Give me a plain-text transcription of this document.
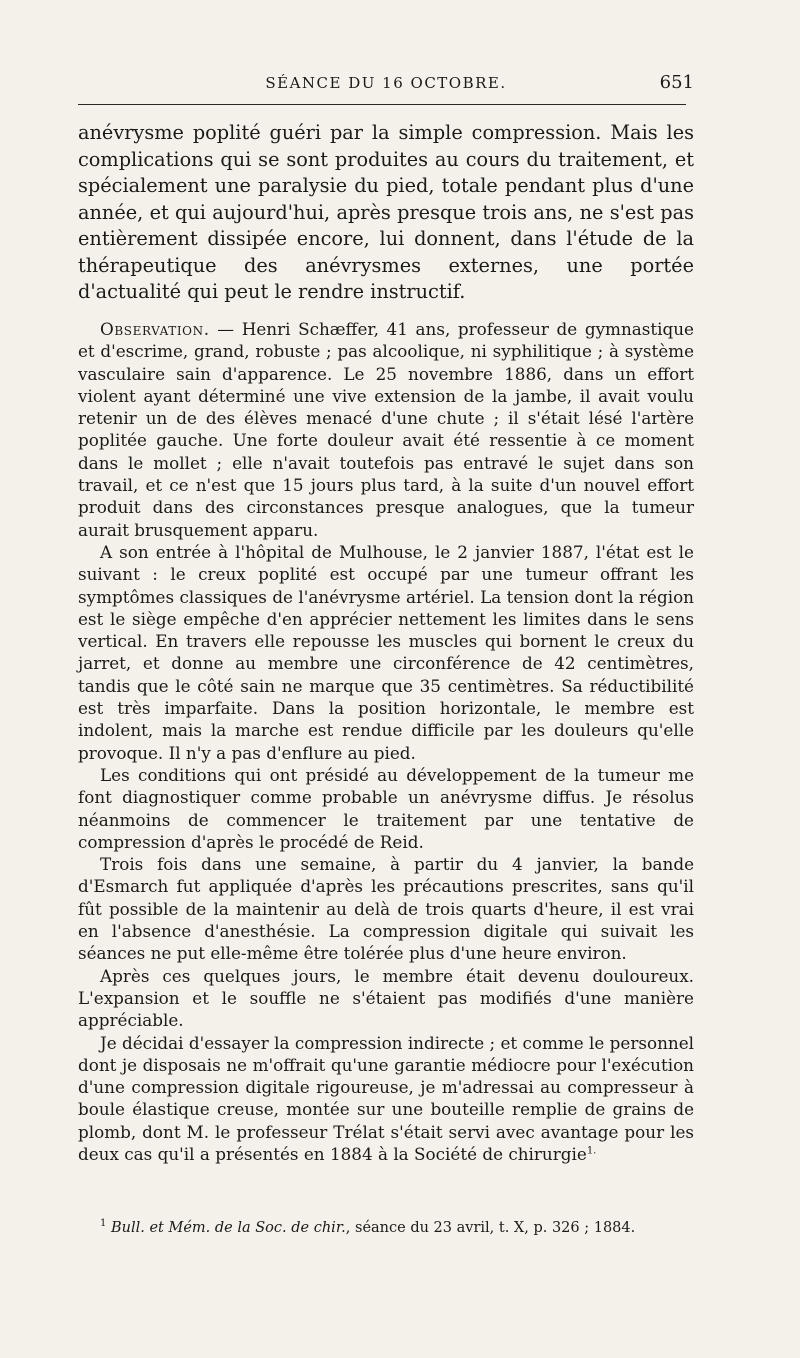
SÉANCE DU 16 OCTOBRE.	651

anévrysme poplité guéri par la simple compression. Mais les complications qui se sont produites au cours du traitement, et spécialement une paralysie du pied, totale pendant plus d'une année, et qui aujourd'hui, après presque trois ans, ne s'est pas entièrement dissipée encore, lui donnent, dans l'étude de la thérapeutique des anévrysmes externes, une portée d'actualité qui peut le rendre instructif.

Observation. — Henri Schæffer, 41 ans, professeur de gymnastique et d'escrime, grand, robuste ; pas alcoolique, ni syphilitique ; à système vasculaire sain d'apparence. Le 25 novembre 1886, dans un effort violent ayant déterminé une vive extension de la jambe, il avait voulu retenir un de des élèves menacé d'une chute ; il s'était lésé l'artère poplitée gauche. Une forte douleur avait été ressentie à ce moment dans le mollet ; elle n'avait toutefois pas entravé le sujet dans son travail, et ce n'est que 15 jours plus tard, à la suite d'un nouvel effort produit dans des circonstances presque analogues, que la tumeur aurait brusquement apparu.

A son entrée à l'hôpital de Mulhouse, le 2 janvier 1887, l'état est le suivant : le creux poplité est occupé par une tumeur offrant les symptômes classiques de l'anévrysme artériel. La tension dont la région est le siège empêche d'en apprécier nettement les limites dans le sens vertical. En travers elle repousse les muscles qui bornent le creux du jarret, et donne au membre une circonférence de 42 centimètres, tandis que le côté sain ne marque que 35 centimètres. Sa réductibilité est très imparfaite. Dans la position horizontale, le membre est indolent, mais la marche est rendue difficile par les douleurs qu'elle provoque. Il n'y a pas d'enflure au pied.

Les conditions qui ont présidé au développement de la tumeur me font diagnostiquer comme probable un anévrysme diffus. Je résolus néanmoins de commencer le traitement par une tentative de compression d'après le procédé de Reid.

Trois fois dans une semaine, à partir du 4 janvier, la bande d'Esmarch fut appliquée d'après les précautions prescrites, sans qu'il fût possible de la maintenir au delà de trois quarts d'heure, il est vrai en l'absence d'anesthésie. La compression digitale qui suivait les séances ne put elle-même être tolérée plus d'une heure environ.

Après ces quelques jours, le membre était devenu douloureux. L'expansion et le souffle ne s'étaient pas modifiés d'une manière appréciable.

Je décidai d'essayer la compression indirecte ; et comme le personnel dont je disposais ne m'offrait qu'une garantie médiocre pour l'exécution d'une compression digitale rigoureuse, je m'adressai au compresseur à boule élastique creuse, montée sur une bouteille remplie de grains de plomb, dont M. le professeur Trélat s'était servi avec avantage pour les deux cas qu'il a présentés en 1884 à la Société de chirurgie$^{1.}$

$^1$ Bull. et Mém. de la Soc. de chir., séance du 23 avril, t. X, p. 326 ; 1884.
